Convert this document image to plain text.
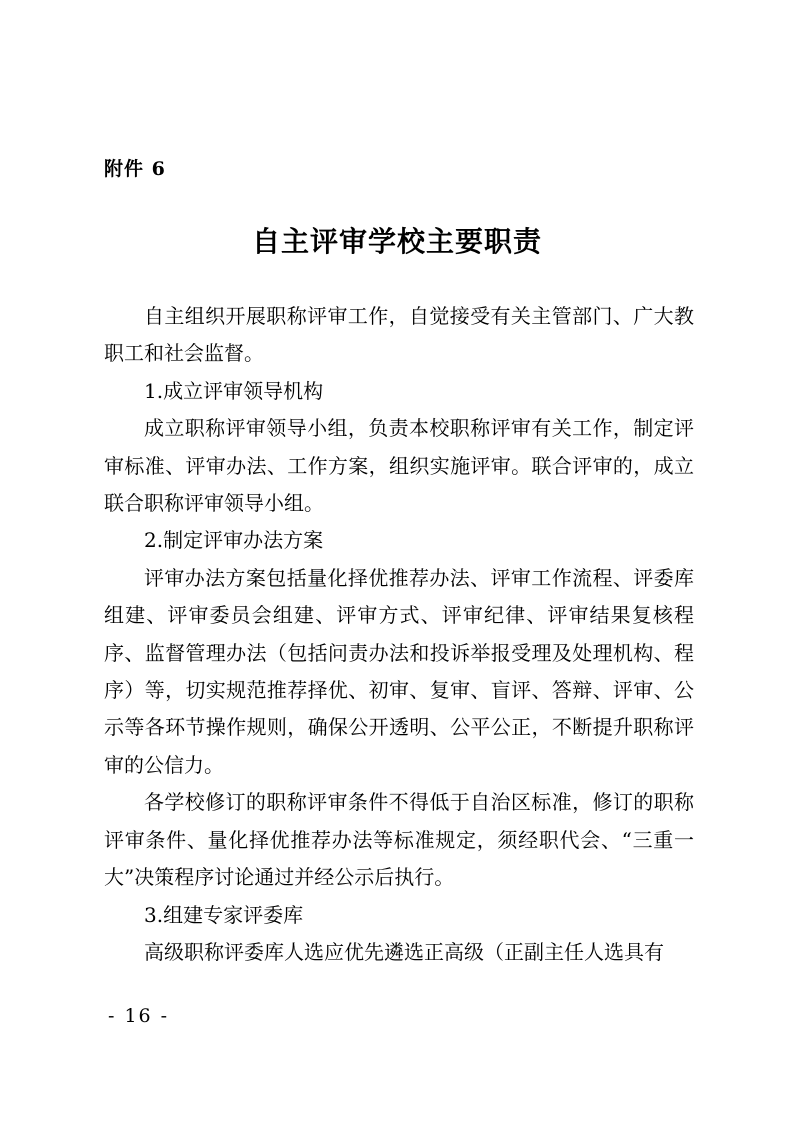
附件 6
自主评审学校主要职责

自主组织开展职称评审工作，自觉接受有关主管部门、广大教职工和社会监督。

1.成立评审领导机构

成立职称评审领导小组，负责本校职称评审有关工作，制定评审标准、评审办法、工作方案，组织实施评审。联合评审的，成立联合职称评审领导小组。

2.制定评审办法方案

评审办法方案包括量化择优推荐办法、评审工作流程、评委库组建、评审委员会组建、评审方式、评审纪律、评审结果复核程序、监督管理办法（包括问责办法和投诉举报受理及处理机构、程序）等，切实规范推荐择优、初审、复审、盲评、答辩、评审、公示等各环节操作规则，确保公开透明、公平公正，不断提升职称评审的公信力。

各学校修订的职称评审条件不得低于自治区标准，修订的职称评审条件、量化择优推荐办法等标准规定，须经职代会、“三重一大”决策程序讨论通过并经公示后执行。

3.组建专家评委库

高级职称评委库人选应优先遴选正高级（正副主任人选具有

- 16 -
